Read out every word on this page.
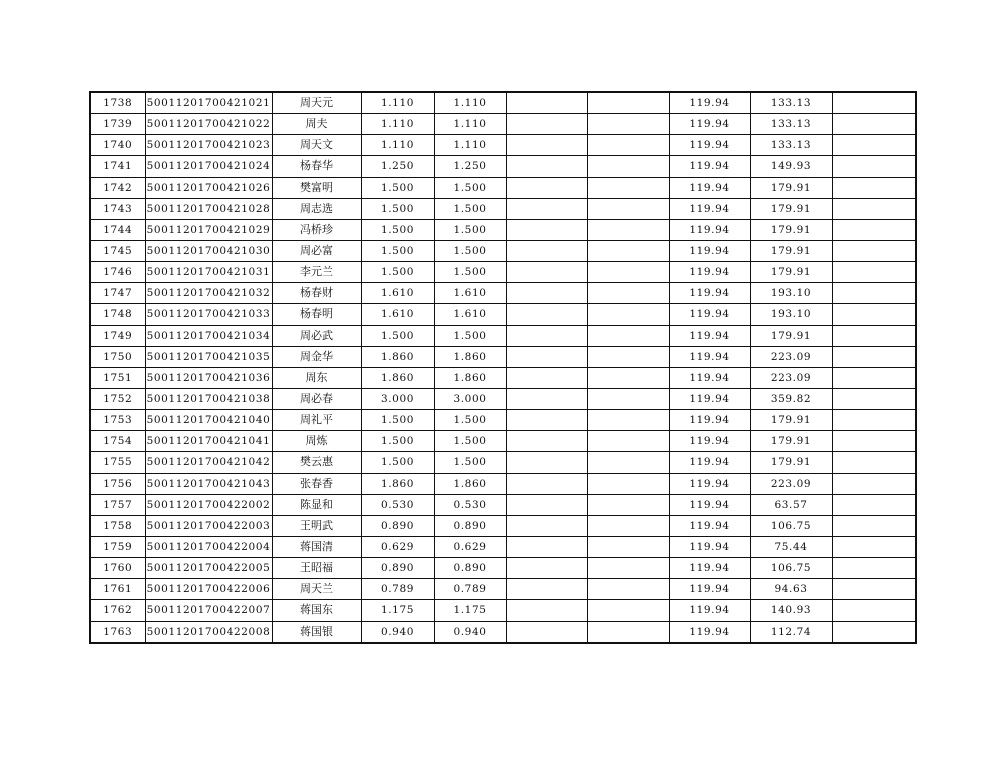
1738	50011201700421021	周天元	1.110	1.110			119.94	133.13	
1739	50011201700421022	周夫	1.110	1.110			119.94	133.13	
1740	50011201700421023	周天文	1.110	1.110			119.94	133.13	
1741	50011201700421024	杨春华	1.250	1.250			119.94	149.93	
1742	50011201700421026	樊富明	1.500	1.500			119.94	179.91	
1743	50011201700421028	周志选	1.500	1.500			119.94	179.91	
1744	50011201700421029	冯桥珍	1.500	1.500			119.94	179.91	
1745	50011201700421030	周必富	1.500	1.500			119.94	179.91	
1746	50011201700421031	李元兰	1.500	1.500			119.94	179.91	
1747	50011201700421032	杨春财	1.610	1.610			119.94	193.10	
1748	50011201700421033	杨春明	1.610	1.610			119.94	193.10	
1749	50011201700421034	周必武	1.500	1.500			119.94	179.91	
1750	50011201700421035	周金华	1.860	1.860			119.94	223.09	
1751	50011201700421036	周东	1.860	1.860			119.94	223.09	
1752	50011201700421038	周必春	3.000	3.000			119.94	359.82	
1753	50011201700421040	周礼平	1.500	1.500			119.94	179.91	
1754	50011201700421041	周炼	1.500	1.500			119.94	179.91	
1755	50011201700421042	樊云惠	1.500	1.500			119.94	179.91	
1756	50011201700421043	张春香	1.860	1.860			119.94	223.09	
1757	50011201700422002	陈显和	0.530	0.530			119.94	63.57	
1758	50011201700422003	王明武	0.890	0.890			119.94	106.75	
1759	50011201700422004	蒋国清	0.629	0.629			119.94	75.44	
1760	50011201700422005	王昭福	0.890	0.890			119.94	106.75	
1761	50011201700422006	周天兰	0.789	0.789			119.94	94.63	
1762	50011201700422007	蒋国东	1.175	1.175			119.94	140.93	
1763	50011201700422008	蒋国银	0.940	0.940			119.94	112.74	
